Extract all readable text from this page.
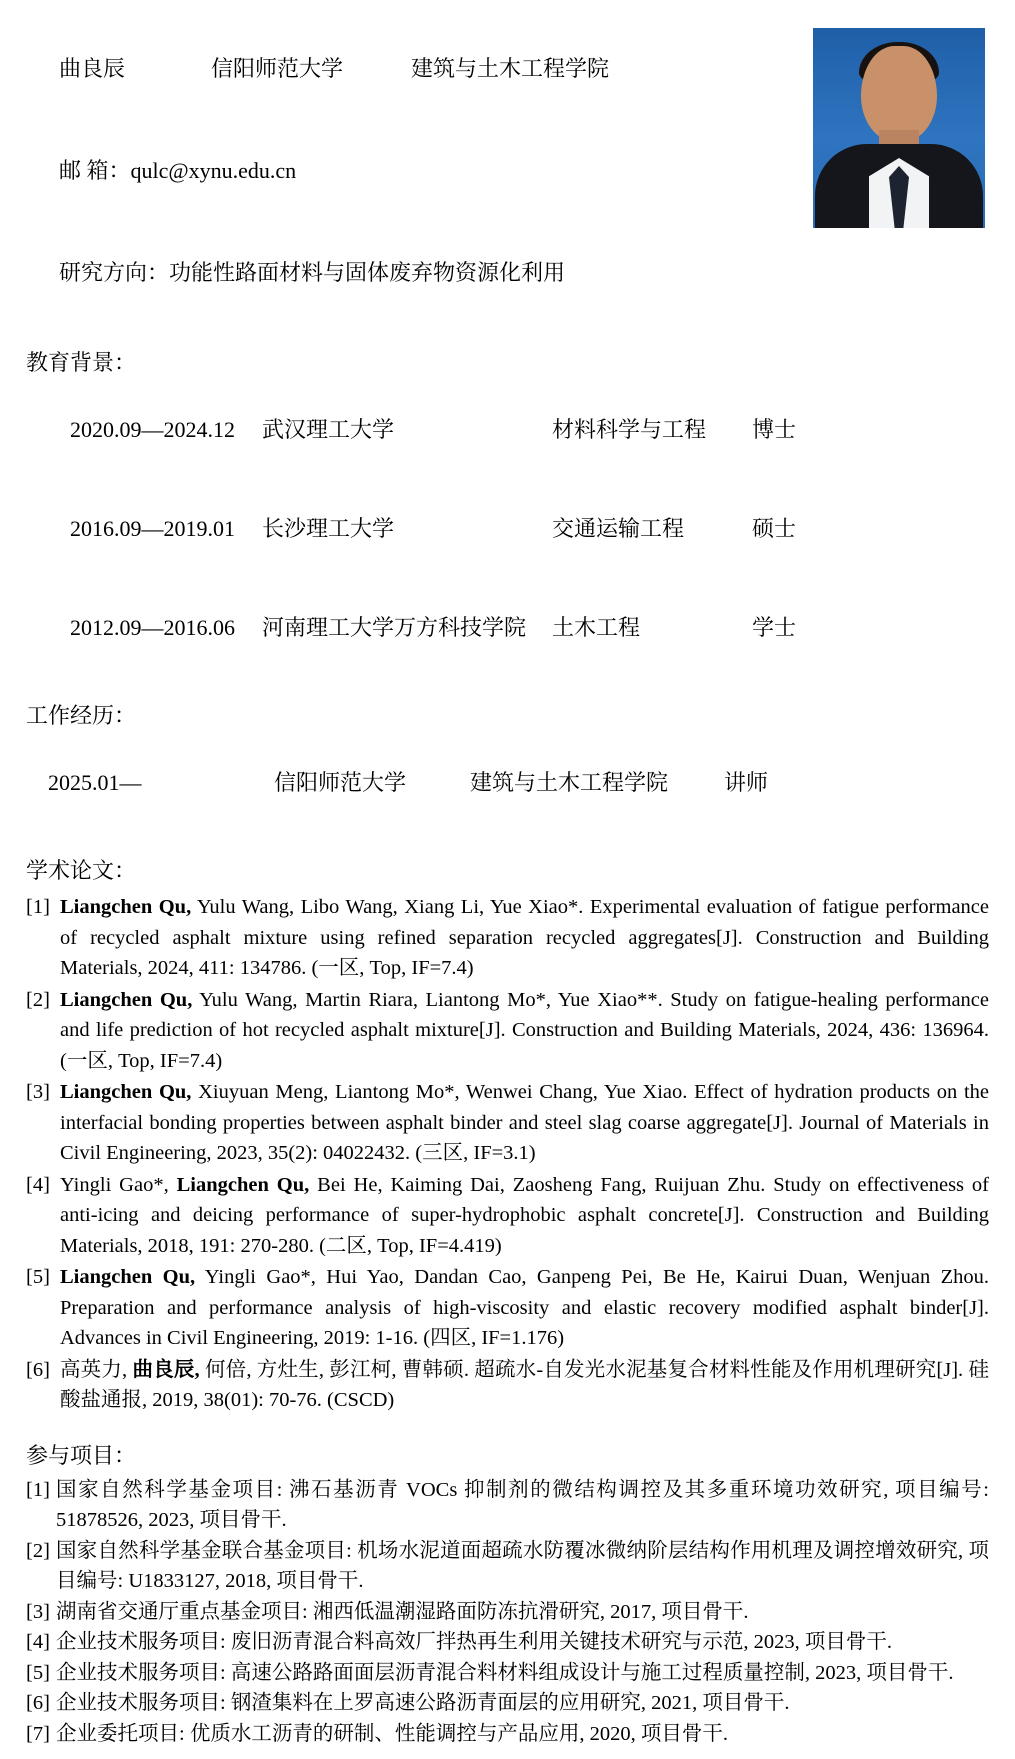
曲良辰	信阳师范大学	建筑与土木工程学院

邮 箱：qulc@xynu.edu.cn

研究方向：功能性路面材料与固体废弃物资源化利用

教育背景：

2020.09—2024.12 武汉理工大学	材料科学与工程 博士

2016.09—2019.01 长沙理工大学	交通运输工程	硕士

2012.09—2016.06 河南理工大学万方科技学院 土木工程	学士

工作经历：

2025.01—	信阳师范大学	建筑与土木工程学院	讲师

学术论文：
[1] Liangchen Qu, Yulu Wang, Libo Wang, Xiang Li, Yue Xiao*. Experimental evaluation of fatigue performance of recycled asphalt mixture using refined separation recycled aggregates[J]. Construction and Building Materials, 2024, 411: 134786. (一区, Top, IF=7.4)
[2] Liangchen Qu, Yulu Wang, Martin Riara, Liantong Mo*, Yue Xiao**. Study on fatigue-healing performance and life prediction of hot recycled asphalt mixture[J]. Construction and Building Materials, 2024, 436: 136964. (一区, Top, IF=7.4)
[3] Liangchen Qu, Xiuyuan Meng, Liantong Mo*, Wenwei Chang, Yue Xiao. Effect of hydration products on the interfacial bonding properties between asphalt binder and steel slag coarse aggregate[J]. Journal of Materials in Civil Engineering, 2023, 35(2): 04022432. (三区, IF=3.1)
[4] Yingli Gao*, Liangchen Qu, Bei He, Kaiming Dai, Zaosheng Fang, Ruijuan Zhu. Study on effectiveness of anti-icing and deicing performance of super-hydrophobic asphalt concrete[J]. Construction and Building Materials, 2018, 191: 270-280. (二区, Top, IF=4.419)
[5] Liangchen Qu, Yingli Gao*, Hui Yao, Dandan Cao, Ganpeng Pei, Be He, Kairui Duan, Wenjuan Zhou. Preparation and performance analysis of high-viscosity and elastic recovery modified asphalt binder[J]. Advances in Civil Engineering, 2019: 1-16. (四区, IF=1.176)
[6] 高英力, 曲良辰, 何倍, 方灶生, 彭江柯, 曹韩硕. 超疏水-自发光水泥基复合材料性能及作用机理研究[J]. 硅酸盐通报, 2019, 38(01): 70-76. (CSCD)
参与项目：
[1] 国家自然科学基金项目: 沸石基沥青 VOCs 抑制剂的微结构调控及其多重环境功效研究, 项目编号: 51878526, 2023, 项目骨干.
[2] 国家自然科学基金联合基金项目: 机场水泥道面超疏水防覆冰微纳阶层结构作用机理及调控增效研究, 项目编号: U1833127, 2018, 项目骨干.
[3] 湖南省交通厅重点基金项目: 湘西低温潮湿路面防冻抗滑研究, 2017, 项目骨干.
[4] 企业技术服务项目: 废旧沥青混合料高效厂拌热再生利用关键技术研究与示范, 2023, 项目骨干.
[5] 企业技术服务项目: 高速公路路面面层沥青混合料材料组成设计与施工过程质量控制, 2023, 项目骨干.
[6] 企业技术服务项目: 钢渣集料在上罗高速公路沥青面层的应用研究, 2021, 项目骨干.
[7] 企业委托项目: 优质水工沥青的研制、性能调控与产品应用, 2020, 项目骨干.
